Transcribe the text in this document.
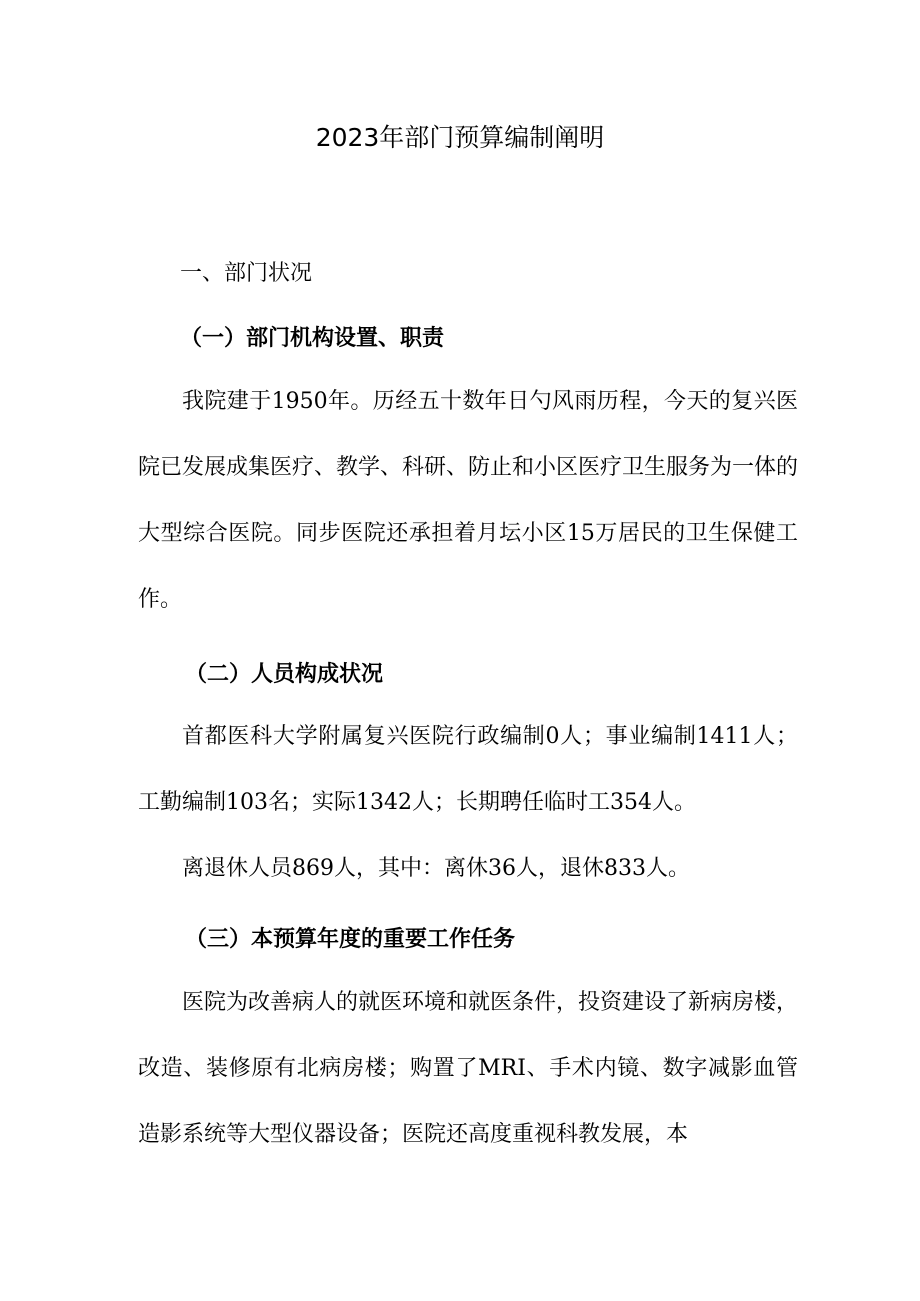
2023年部门预算编制阐明
一、部门状况
（一）部门机构设置、职责

我院建于1950年。历经五十数年日勺风雨历程，今天的复兴医院已发展成集医疗、教学、科研、防止和小区医疗卫生服务为一体的大型综合医院。同步医院还承担着月坛小区15万居民的卫生保健工作。

（二）人员构成状况

首都医科大学附属复兴医院行政编制0人；事业编制1411人；工勤编制103名；实际1342人；长期聘任临时工354人。

离退休人员869人，其中：离休36人，退休833人。

（三）本预算年度的重要工作任务

医院为改善病人的就医环境和就医条件，投资建设了新病房楼，改造、装修原有北病房楼；购置了MRI、手术内镜、数字减影血管造影系统等大型仪器设备；医院还高度重视科教发展，本
